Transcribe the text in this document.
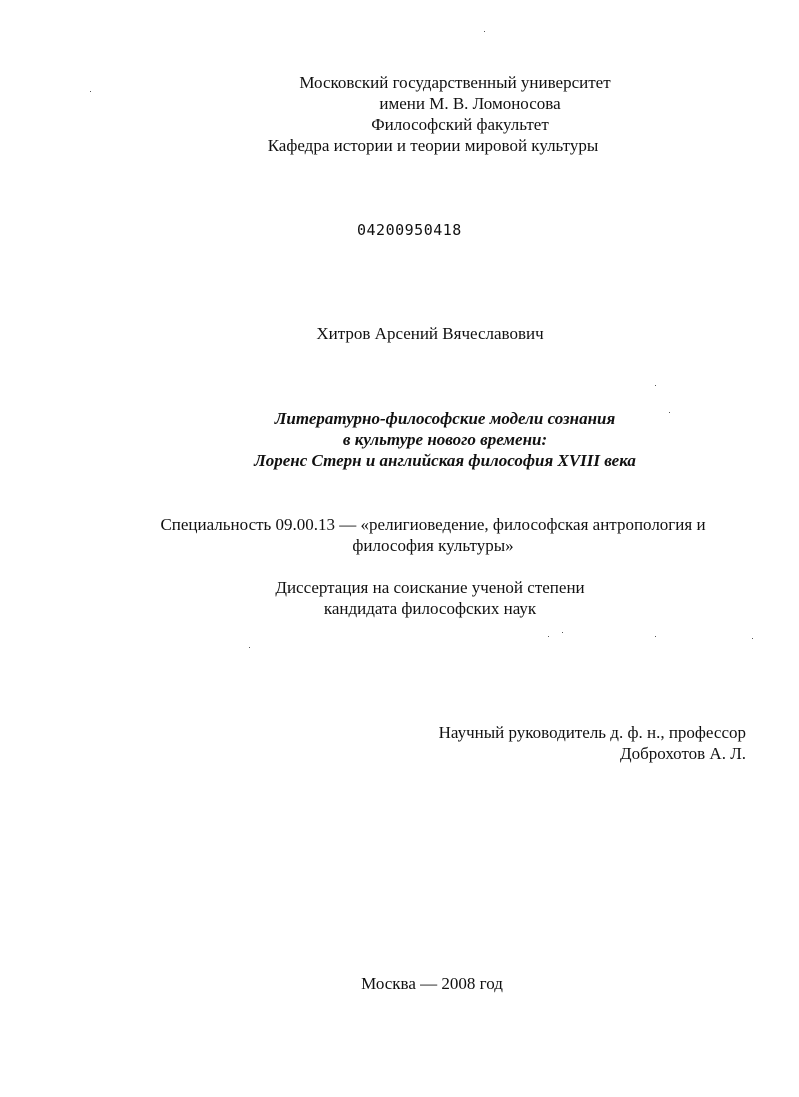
Московский государственный университет
имени М. В. Ломоносова
Философский факультет
Кафедра истории и теории мировой культуры
04200950418
Хитров Арсений Вячеславович
Литературно-философские модели сознания
в культуре нового времени:
Лоренс Стерн и английская философия XVIII века
Специальность 09.00.13 — «религиоведение, философская антропология и
философия культуры»
Диссертация на соискание ученой степени
кандидата философских наук
Научный руководитель д. ф. н., профессор
Доброхотов А. Л.
Москва — 2008 год
